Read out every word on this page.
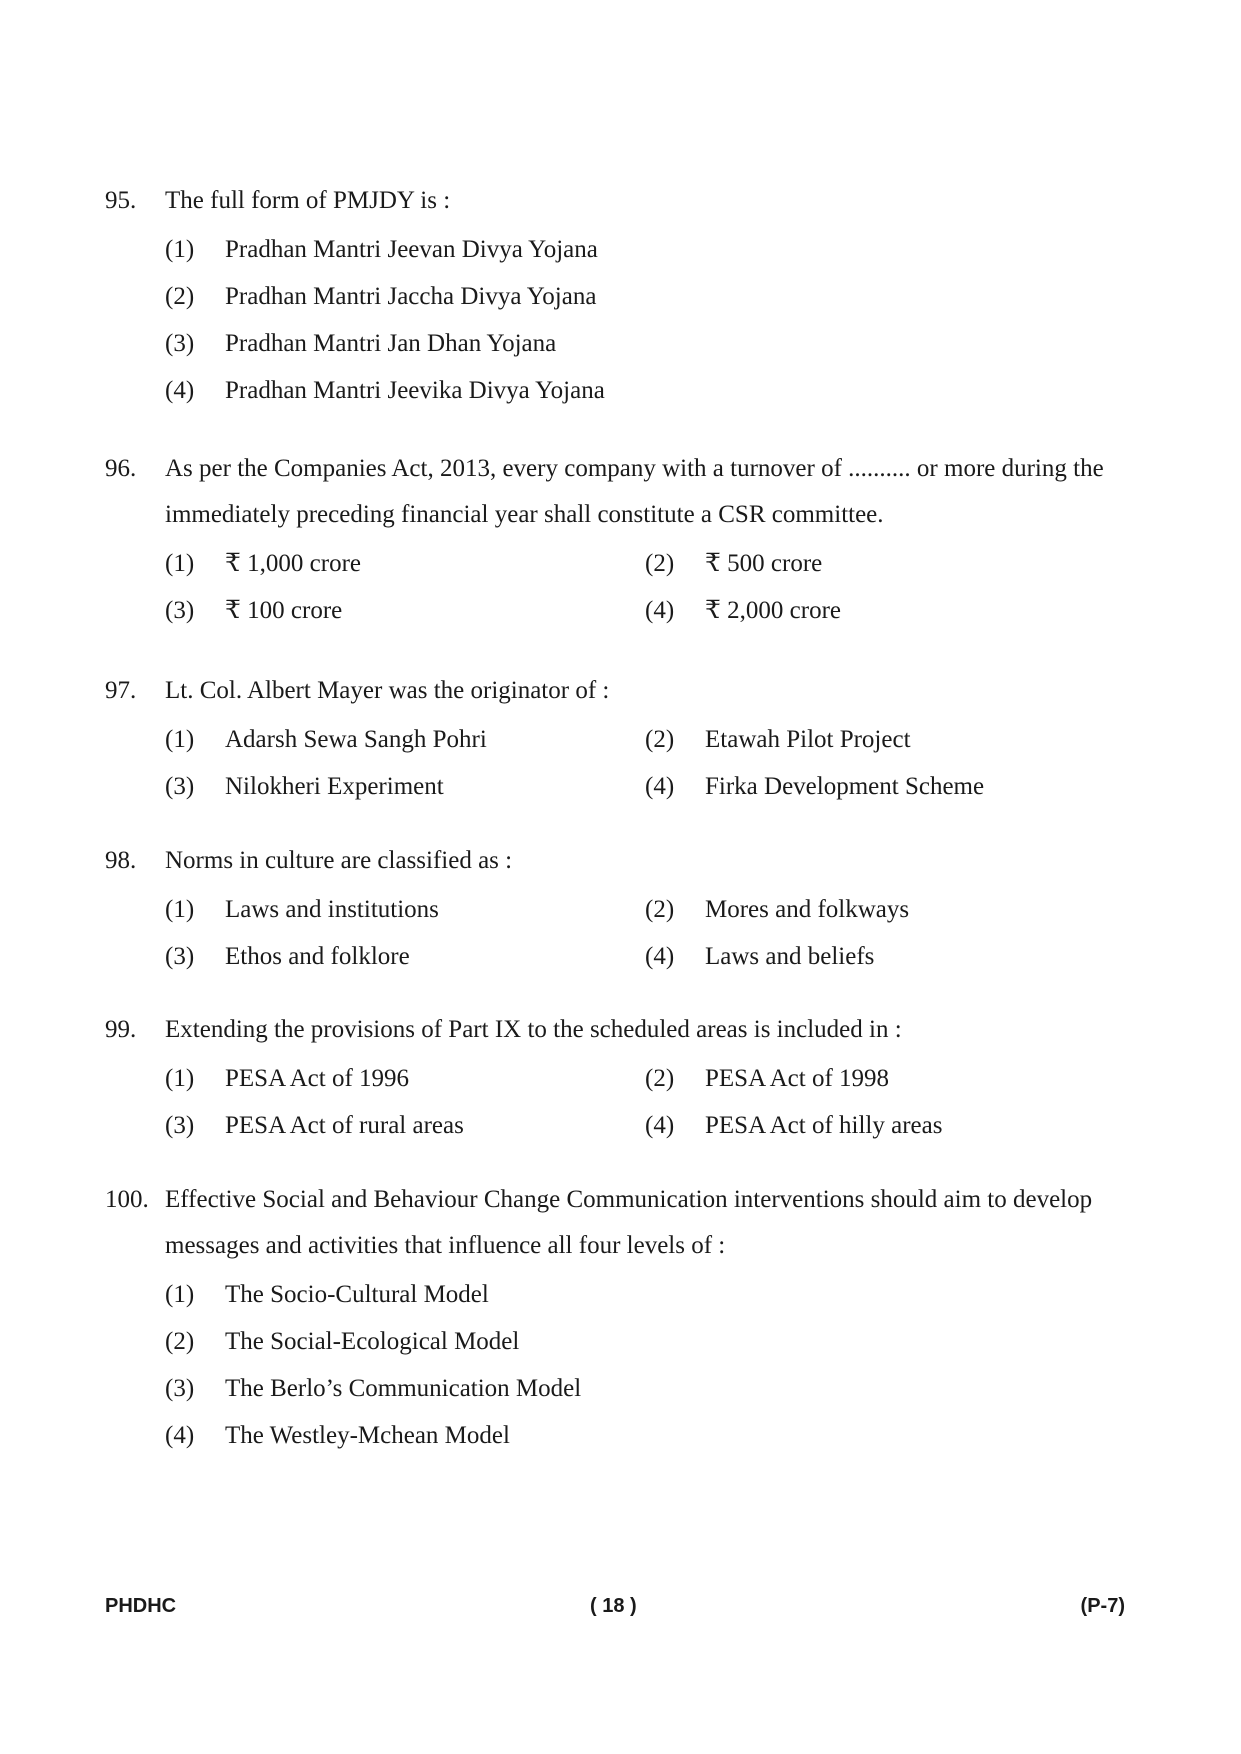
95.	The full form of PMJDY is :
(1)	Pradhan Mantri Jeevan Divya Yojana
(2)	Pradhan Mantri Jaccha Divya Yojana
(3)	Pradhan Mantri Jan Dhan Yojana
(4)	Pradhan Mantri Jeevika Divya Yojana
96.	As per the Companies Act, 2013, every company with a turnover of .......... or more during the immediately preceding financial year shall constitute a CSR committee.
(1)	₹ 1,000 crore	(2)	₹ 500 crore
(3)	₹ 100 crore	(4)	₹ 2,000 crore
97.	Lt. Col. Albert Mayer was the originator of :
(1)	Adarsh Sewa Sangh Pohri	(2)	Etawah Pilot Project
(3)	Nilokheri Experiment	(4)	Firka Development Scheme
98.	Norms in culture are classified as :
(1)	Laws and institutions	(2)	Mores and folkways
(3)	Ethos and folklore	(4)	Laws and beliefs
99.	Extending the provisions of Part IX to the scheduled areas is included in :
(1)	PESA Act of 1996	(2)	PESA Act of 1998
(3)	PESA Act of rural areas	(4)	PESA Act of hilly areas
100. Effective Social and Behaviour Change Communication interventions should aim to develop messages and activities that influence all four levels of :
(1)	The Socio-Cultural Model
(2)	The Social-Ecological Model
(3)	The Berlo’s Communication Model
(4)	The Westley-Mchean Model
PHDHC	( 18 )	(P-7)
